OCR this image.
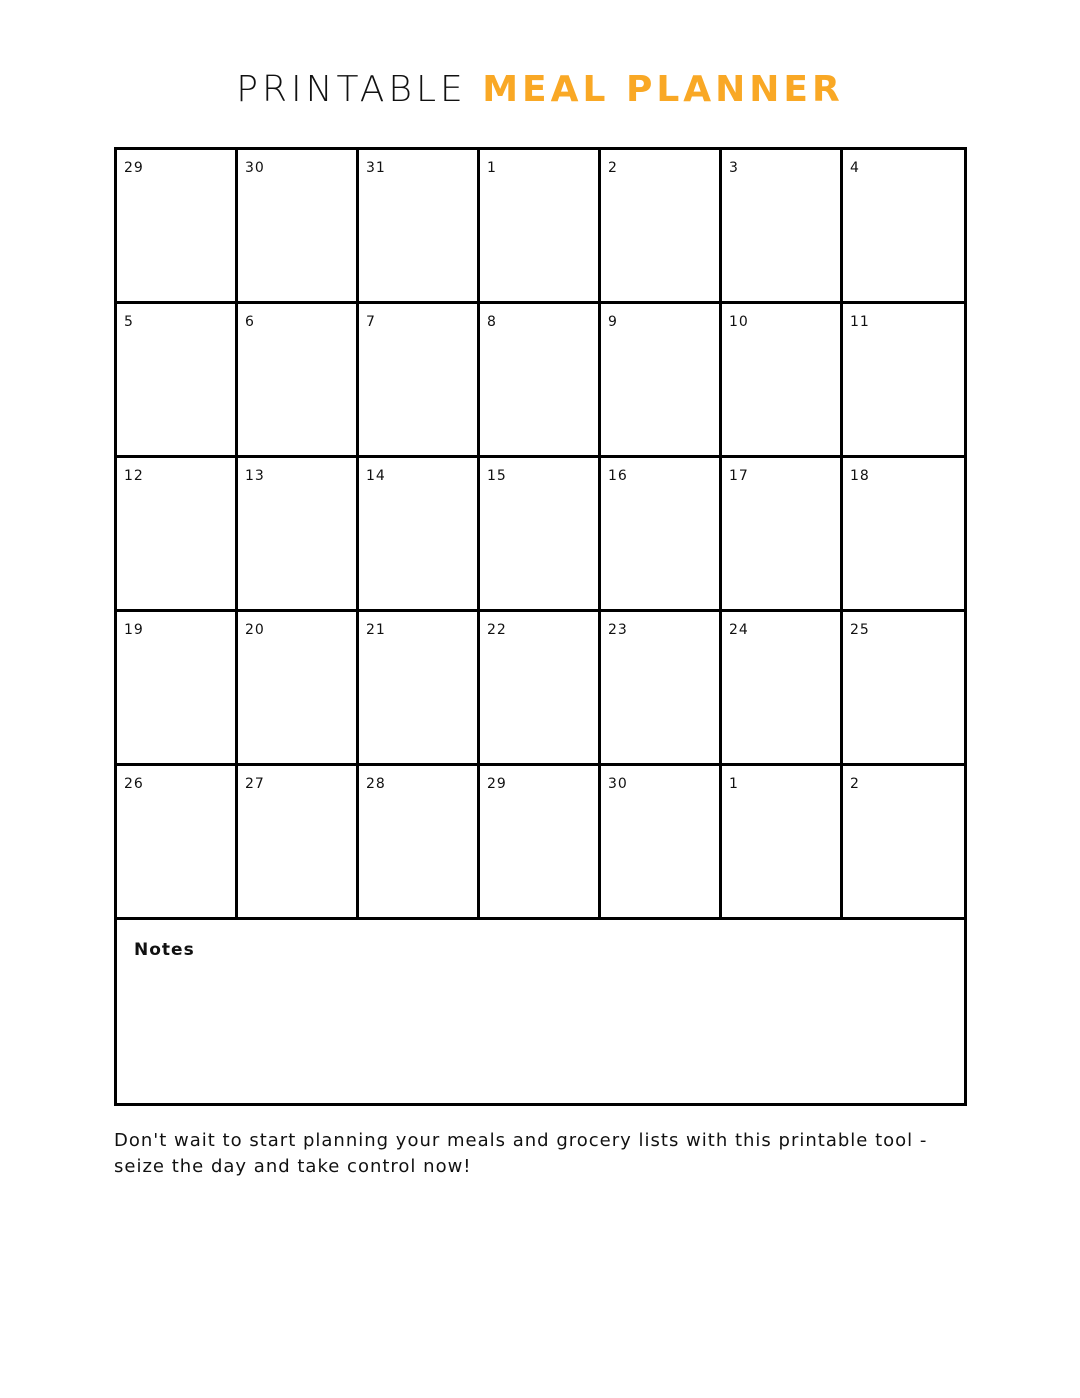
PRINTABLE MEAL PLANNER
29	30	31	1	2	3	4
5	6	7	8	9	10	11
12	13	14	15	16	17	18
19	20	21	22	23	24	25
26	27	28	29	30	1	2
Notes
Don't wait to start planning your meals and grocery lists with this printable tool - seize the day and take control now!
